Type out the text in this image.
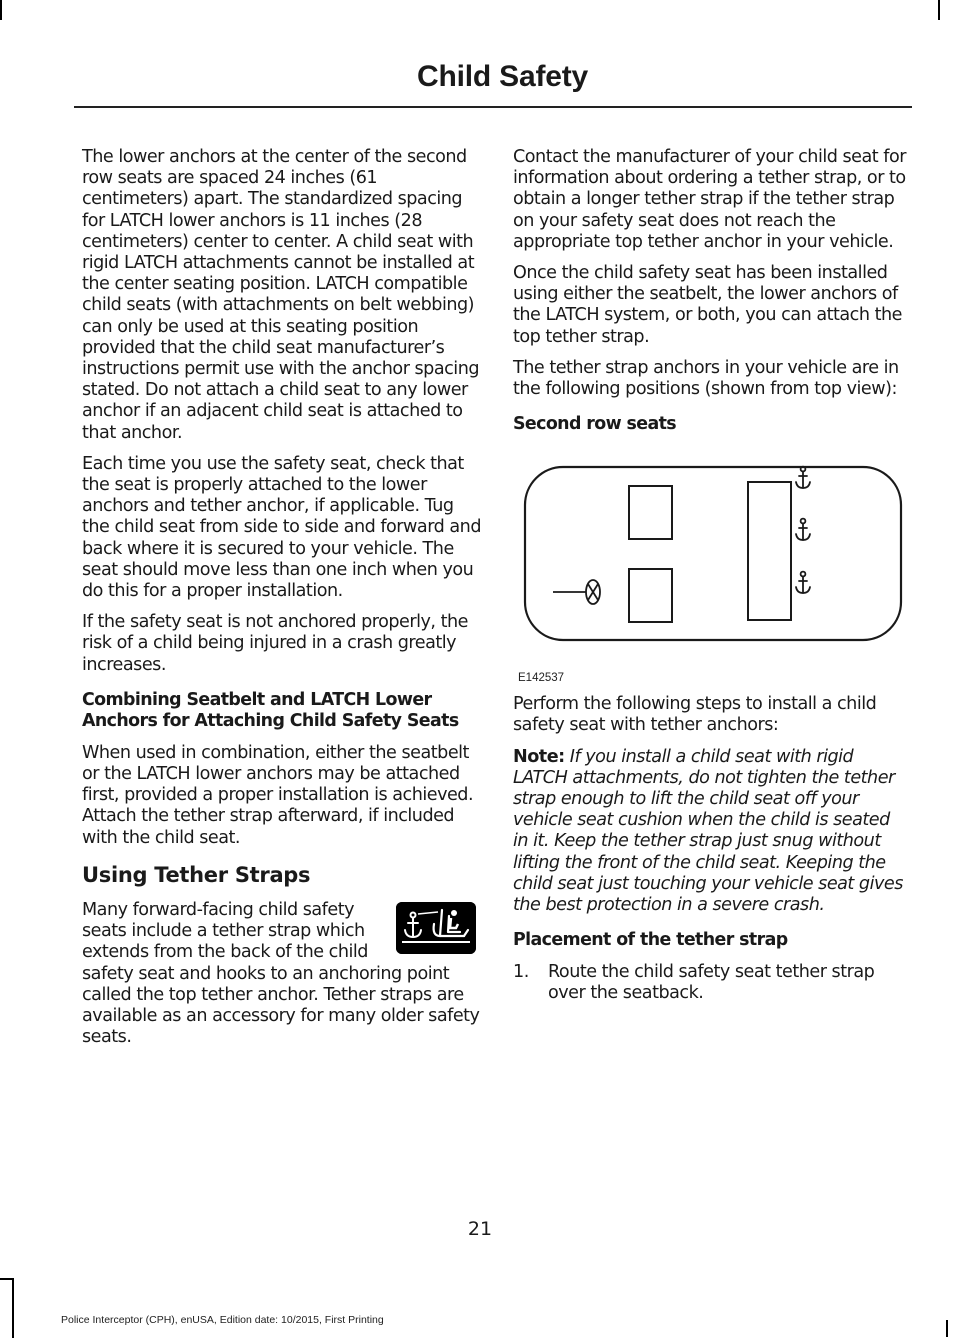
Child Safety

The lower anchors at the center of the second row seats are spaced 24 inches (61 centimeters) apart. The standardized spacing for LATCH lower anchors is 11 inches (28 centimeters) center to center. A child seat with rigid LATCH attachments cannot be installed at the center seating position. LATCH compatible child seats (with attachments on belt webbing) can only be used at this seating position provided that the child seat manufacturer’s instructions permit use with the anchor spacing stated. Do not attach a child seat to any lower anchor if an adjacent child seat is attached to that anchor.

Each time you use the safety seat, check that the seat is properly attached to the lower anchors and tether anchor, if applicable. Tug the child seat from side to side and forward and back where it is secured to your vehicle. The seat should move less than one inch when you do this for a proper installation.

If the safety seat is not anchored properly, the risk of a child being injured in a crash greatly increases.

Combining Seatbelt and LATCH Lower Anchors for Attaching Child Safety Seats

When used in combination, either the seatbelt or the LATCH lower anchors may be attached first, provided a proper installation is achieved. Attach the tether strap afterward, if included with the child seat.

Using Tether Straps
Many forward-facing child safety seats include a tether strap which extends from the back of the child safety seat and hooks to an anchoring point called the top tether anchor. Tether straps are available as an accessory for many older safety seats.

Contact the manufacturer of your child seat for information about ordering a tether strap, or to obtain a longer tether strap if the tether strap on your safety seat does not reach the appropriate top tether anchor in your vehicle.

Once the child safety seat has been installed using either the seatbelt, the lower anchors of the LATCH system, or both, you can attach the top tether strap.

The tether strap anchors in your vehicle are in the following positions (shown from top view):

Second row seats
E142537

Perform the following steps to install a child safety seat with tether anchors:

Note: If you install a child seat with rigid LATCH attachments, do not tighten the tether strap enough to lift the child seat off your vehicle seat cushion when the child is seated in it. Keep the tether strap just snug without lifting the front of the child seat. Keeping the child seat just touching your vehicle seat gives the best protection in a severe crash.

Placement of the tether strap
1.	Route the child safety seat tether strap over the seatback.
21
Police Interceptor (CPH), enUSA, Edition date: 10/2015, First Printing
